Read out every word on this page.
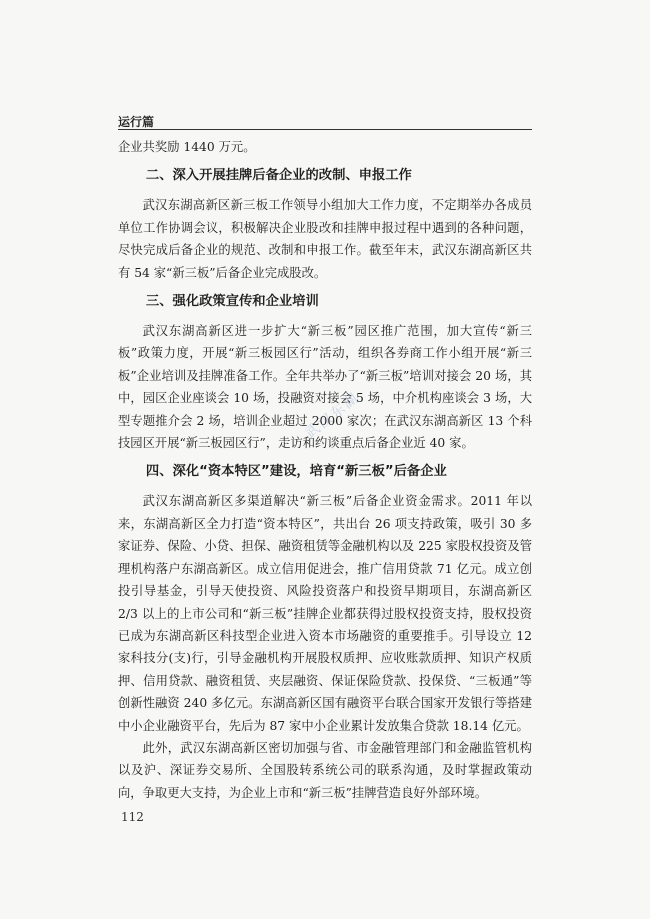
运行篇

企业共奖励 1440 万元。

二、深入开展挂牌后备企业的改制、申报工作

武汉东湖高新区新三板工作领导小组加大工作力度，不定期举办各成员单位工作协调会议，积极解决企业股改和挂牌申报过程中遇到的各种问题，尽快完成后备企业的规范、改制和申报工作。截至年末，武汉东湖高新区共有 54 家“新三板”后备企业完成股改。

三、强化政策宣传和企业培训

武汉东湖高新区进一步扩大“新三板”园区推广范围，加大宣传“新三板”政策力度，开展“新三板园区行”活动，组织各券商工作小组开展“新三板”企业培训及挂牌准备工作。全年共举办了“新三板”培训对接会 20 场，其中，园区企业座谈会 10 场，投融资对接会 5 场，中介机构座谈会 3 场，大型专题推介会 2 场，培训企业超过 2000 家次；在武汉东湖高新区 13 个科技园区开展“新三板园区行”，走访和约谈重点后备企业近 40 家。

四、深化“资本特区”建设，培育“新三板”后备企业

武汉东湖高新区多渠道解决“新三板”后备企业资金需求。2011 年以来，东湖高新区全力打造“资本特区”，共出台 26 项支持政策，吸引 30 多家证券、保险、小贷、担保、融资租赁等金融机构以及 225 家股权投资及管理机构落户东湖高新区。成立信用促进会，推广信用贷款 71 亿元。成立创投引导基金，引导天使投资、风险投资落户和投资早期项目，东湖高新区 2/3 以上的上市公司和“新三板”挂牌企业都获得过股权投资支持，股权投资已成为东湖高新区科技型企业进入资本市场融资的重要推手。引导设立 12 家科技分(支)行，引导金融机构开展股权质押、应收账款质押、知识产权质押、信用贷款、融资租赁、夹层融资、保证保险贷款、投保贷、“三板通”等创新性融资 240 多亿元。东湖高新区国有融资平台联合国家开发银行等搭建中小企业融资平台，先后为 87 家中小企业累计发放集合贷款 18.14 亿元。

此外，武汉东湖高新区密切加强与省、市金融管理部门和金融监管机构以及沪、深证券交易所、全国股转系统公司的联系沟通，及时掌握政策动向，争取更大支持，为企业上市和“新三板”挂牌营造良好外部环境。

武汉东湖
112
